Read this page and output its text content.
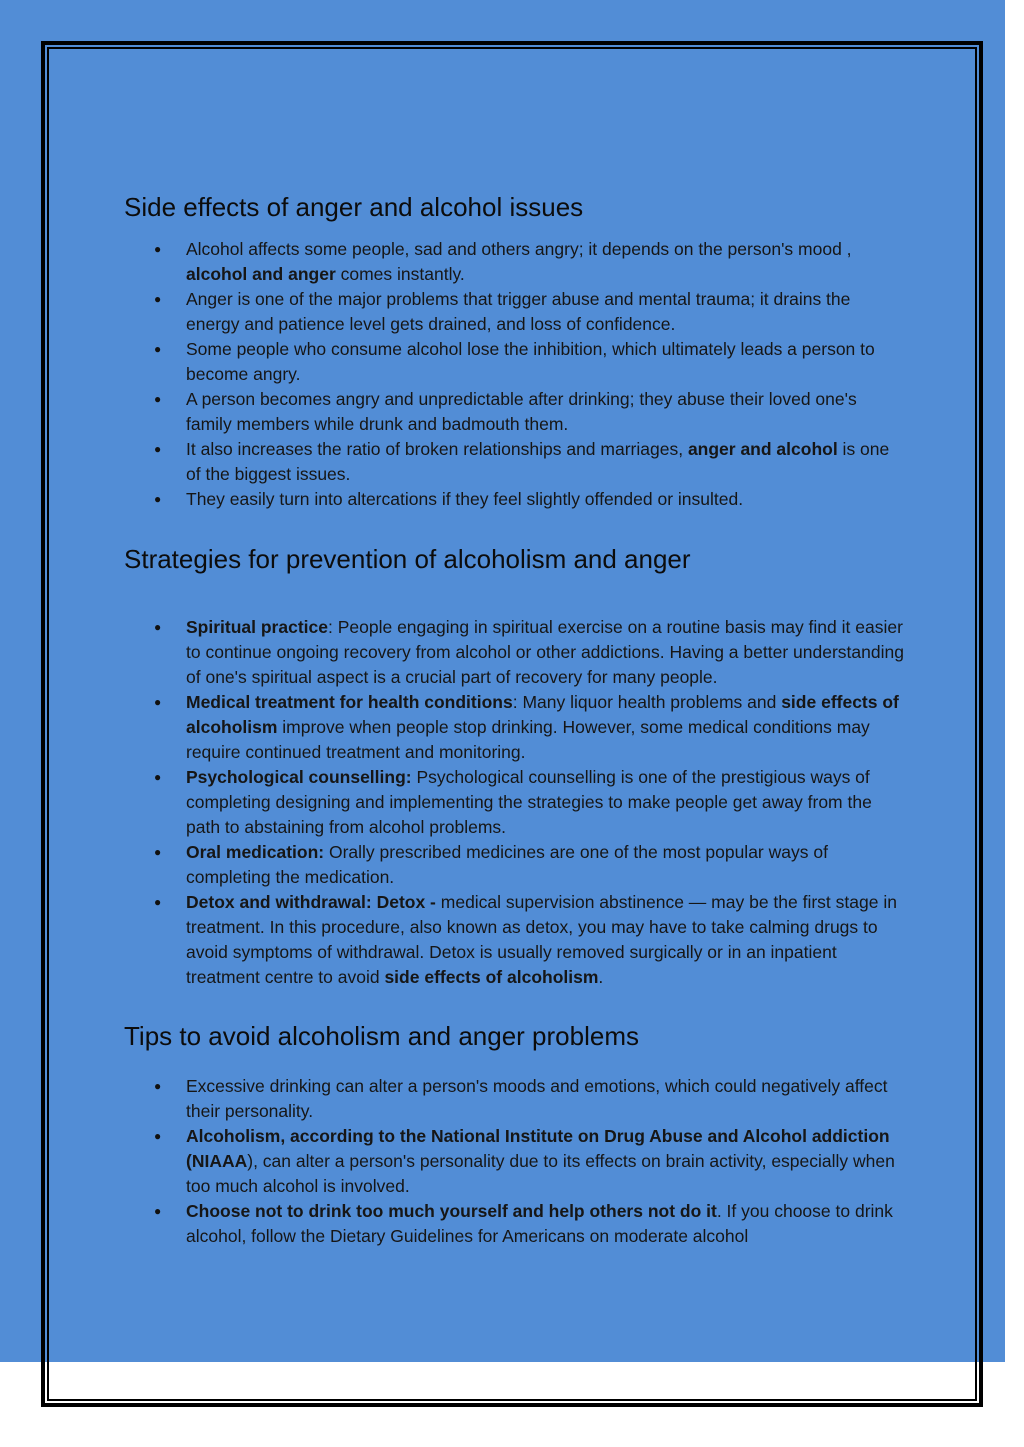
Side effects of anger and alcohol issues
● Alcohol affects some people, sad and others angry; it depends on the person's mood , alcohol and anger comes instantly.
● Anger is one of the major problems that trigger abuse and mental trauma; it drains the energy and patience level gets drained, and loss of confidence.
● Some people who consume alcohol lose the inhibition, which ultimately leads a person to become angry.
● A person becomes angry and unpredictable after drinking; they abuse their loved one's family members while drunk and badmouth them.
● It also increases the ratio of broken relationships and marriages, anger and alcohol is one of the biggest issues.
● They easily turn into altercations if they feel slightly offended or insulted.
Strategies for prevention of alcoholism and anger
● Spiritual practice: People engaging in spiritual exercise on a routine basis may find it easier to continue ongoing recovery from alcohol or other addictions. Having a better understanding of one's spiritual aspect is a crucial part of recovery for many people.
● Medical treatment for health conditions: Many liquor health problems and side effects of alcoholism improve when people stop drinking. However, some medical conditions may require continued treatment and monitoring.
● Psychological counselling: Psychological counselling is one of the prestigious ways of completing designing and implementing the strategies to make people get away from the path to abstaining from alcohol problems.
● Oral medication: Orally prescribed medicines are one of the most popular ways of completing the medication.
● Detox and withdrawal: Detox - medical supervision abstinence — may be the first stage in treatment. In this procedure, also known as detox, you may have to take calming drugs to avoid symptoms of withdrawal. Detox is usually removed surgically or in an inpatient treatment centre to avoid side effects of alcoholism.
Tips to avoid alcoholism and anger problems
● Excessive drinking can alter a person's moods and emotions, which could negatively affect their personality.
● Alcoholism, according to the National Institute on Drug Abuse and Alcohol addiction (NIAAA), can alter a person's personality due to its effects on brain activity, especially when too much alcohol is involved.
● Choose not to drink too much yourself and help others not do it. If you choose to drink alcohol, follow the Dietary Guidelines for Americans on moderate alcohol
